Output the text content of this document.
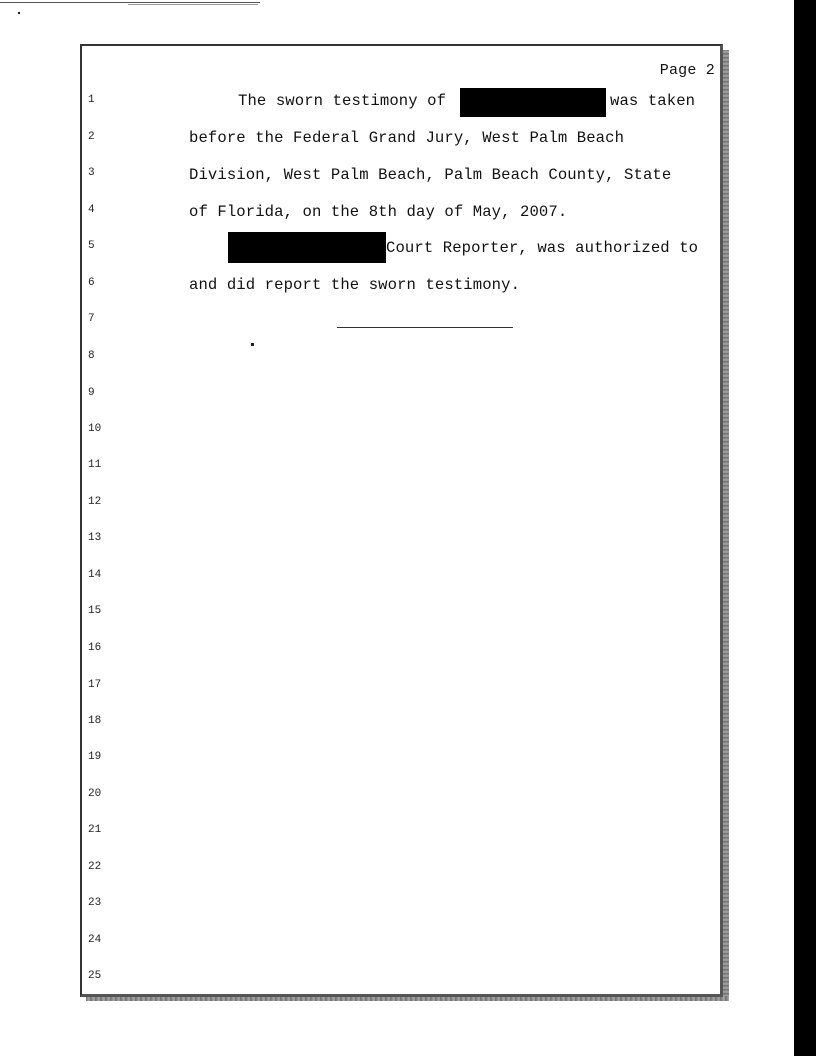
Page 2
1
2
3
4
5
6
7
8
9
10
11
12
13
14
15
16
17
18
19
20
21
22
23
24
25
The sworn testimony of	was taken
before the Federal Grand Jury, West Palm Beach
Division, West Palm Beach, Palm Beach County, State
of Florida, on the 8th day of May, 2007.
Court Reporter, was authorized to
and did report the sworn testimony.
